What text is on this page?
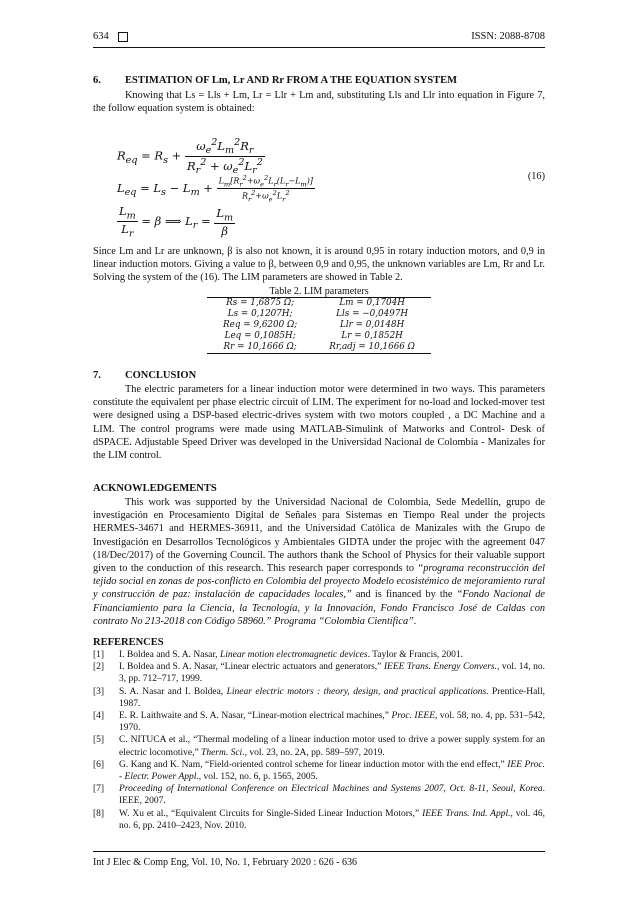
634	ISSN: 2088-8708
6. ESTIMATION OF Lm, Lr AND Rr FROM A THE EQUATION SYSTEM

Knowing that Ls = Lls + Lm, Lr = Llr + Lm and, substituting Lls and Llr into equation in Figure 7, the follow equation system is obtained:

$R_{eq} = R_s + \frac{\omega_e^2L_m^2R_r}{R_r^2 + \omega_e^2L_r^2}$
$L_{eq} = L_s - L_m + \frac{L_m[R_r^2+\omega_e^2L_r(L_r-L_m)]}{R_r^2+\omega_e^2L_r^2}$
$\frac{L_m}{L_r} = \beta$ ⟹ $L_r = \frac{L_m}{\beta}$
(16)

Since Lm and Lr are unknown, β is also not known, it is around 0,95 in rotary induction motors, and 0,9 in linear induction motors. Giving a value to β, between 0,9 and 0,95, the unknown variables are Lm, Rr and Lr. Solving the system of the (16). The LIM parameters are showed in Table 2.

Table 2. LIM parameters
Rs = 1,6875 Ω;	Lm = 0,1704H
Ls = 0,1207H;	Lls = −0,0497H
Req = 9,6200 Ω;	Llr = 0,0148H
Leq = 0,1085H;	Lr = 0,1852H
Rr = 10,1666 Ω;	Rr,adj = 10,1666 Ω
7. CONCLUSION

The electric parameters for a linear induction motor were determined in two ways. This parameters constitute the equivalent per phase electric circuit of LIM. The experiment for no-load and locked-mover test were designed using a DSP-based electric-drives system with two motors coupled , a DC Machine and a LIM. The control programs were made using MATLAB-Simulink of Matworks and Control- Desk of dSPACE. Adjustable Speed Driver was developed in the Universidad Nacional de Colombia - Manizales for the LIM control.

ACKNOWLEDGEMENTS

This work was supported by the Universidad Nacional de Colombia, Sede Medellín, grupo de investigación en Procesamiento Digital de Señales para Sistemas en Tiempo Real under the projects HERMES-34671 and HERMES-36911, and the Universidad Católica de Manizales with the Grupo de Investigación en Desarrollos Tecnológicos y Ambientales GIDTA under the projec with the agreement 047 (18/Dec/2017) of the Governing Council. The authors thank the School of Physics for their valuable support given to the conduction of this research. This research paper corresponds to “programa reconstrucción del tejido social en zonas de pos-conflicto en Colombia del proyecto Modelo ecosistémico de mejoramiento rural y construcción de paz: instalación de capacidades locales,” and is financed by the “Fondo Nacional de Financiamiento para la Ciencia, la Tecnología, y la Innovación, Fondo Francisco José de Caldas con contrato No 213-2018 con Código 58960.” Programa “Colombia Científica”.

REFERENCES

[1] I. Boldea and S. A. Nasar, Linear motion electromagnetic devices. Taylor & Francis, 2001.

[2] I. Boldea and S. A. Nasar, “Linear electric actuators and generators,” IEEE Trans. Energy Convers., vol. 14, no. 3, pp. 712–717, 1999.

[3] S. A. Nasar and I. Boldea, Linear electric motors : theory, design, and practical applications. Prentice-Hall, 1987.

[4] E. R. Laithwaite and S. A. Nasar, “Linear-motion electrical machines,” Proc. IEEE, vol. 58, no. 4, pp. 531–542, 1970.

[5] C. NITUCA et al., “Thermal modeling of a linear induction motor used to drive a power supply system for an electric locomotive,” Therm. Sci., vol. 23, no. 2A, pp. 589–597, 2019.

[6] G. Kang and K. Nam, “Field-oriented control scheme for linear induction motor with the end effect,” IEE Proc. - Electr. Power Appl., vol. 152, no. 6, p. 1565, 2005.

[7] Proceeding of International Conference on Electrical Machines and Systems 2007, Oct. 8-11, Seoul, Korea. IEEE, 2007.

[8] W. Xu et al., “Equivalent Circuits for Single-Sided Linear Induction Motors,” IEEE Trans. Ind. Appl., vol. 46, no. 6, pp. 2410–2423, Nov. 2010.

Int J Elec & Comp Eng, Vol. 10, No. 1, February 2020 : 626 - 636
